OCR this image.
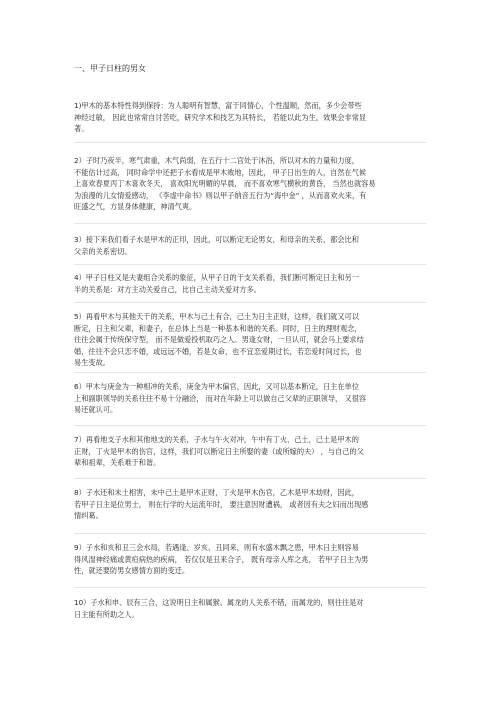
一、甲子日柱的男女
1)甲木的基本特性得到保持：为人聪明有智慧，富于同情心，个性温顺，然而，多少会带些
神经过敏， 因此也常常自讨苦吃，研究学术和技艺为其特长， 若能以此为生，效果会非常显
著。
2）子时乃夜半，寒气肃重，木气尚弱，在五行十二宫处于沐浴，所以对木的力量和力度，
不能估计过高， 同时命学中还把子水看成是甲木败地，因此， 甲子日出生的人，自然在气候
上喜欢春夏丙丁木喜欢冬天， 喜欢阳光明媚的早晨， 而不喜欢寒气横秋的黄昏， 当然也就容易
为浪漫的儿女情爱感动， 《李虚中命书》则以甲子纳音五行为“海中金” ，从而喜欢火来，有
旺盛之气，方显身体健康，神清气爽。
3）接下来我们看子水是甲木的正印，因此，可以断定无论男女，和母亲的关系，都会比和
父亲的关系密切。
4）甲子日柱又是夫妻组合关系的象征，从甲子日的干支关系看，我们断可断定日主和另一
半的关系是：对方主动关爱自己，比自己主动关爱对方多。
5）再看甲木与其他天干的关系，甲木与己土有合，己土为日主正财，这样，我们就又可以
断定，日主和父辈，和妻子，在总体上当是一种基本和谐的关系。同时，日主的理财观念，
往往会属于传统保守型， 而不是做爱投机取巧之人。男逢女财，一旦认可，就会马上要求结
婚，往往不会只恋不婚，或远远不婚，若是女命，也不宜恋爱期过长，若恋爱时间过长，也
易生变故。
6）甲木与庚金为一种相冲的关系，庚金为甲木偏官，因此，又可以基本断定，日主在单位
上和副职领导的关系往往不易十分融洽， 而对在年龄上可以做自己父辈的正职领导， 又很容
易还就认可。
7）再看地支子水和其他地支的关系，子水与午火对冲，午中有丁火、己土，己土是甲木的
正财，丁火是甲木的伤官，这样，我们可以断定日主所娶的妻（或所嫁的夫） ，与自己的父
辈和祖辈，关系难于和谐。
8）子水还和未土相害，未中己土是甲木正财，丁火是甲木伤官，乙木是甲木劫财，因此，
若甲子日主是位男士， 则在行学的大运流年时， 要注意因财遭祸， 或者因有夫之妇而出现感
情纠葛。
9）子水和亥和丑三会水局，若遇逢、岁亥、丑同来，则有水盛木飘之患，甲木日主则容易
得风湿神经痛或黄疸病热的疾病， 若仅仅是丑来合子， 既有母亲入库之兆， 若甲子日主为男
性，就还要防男女感情方面的变迁。
10）子水和申、辰有三合，这说明日主和属猴、属龙的人关系不错，而属龙的，则往往是对
日主能有所助之人。
